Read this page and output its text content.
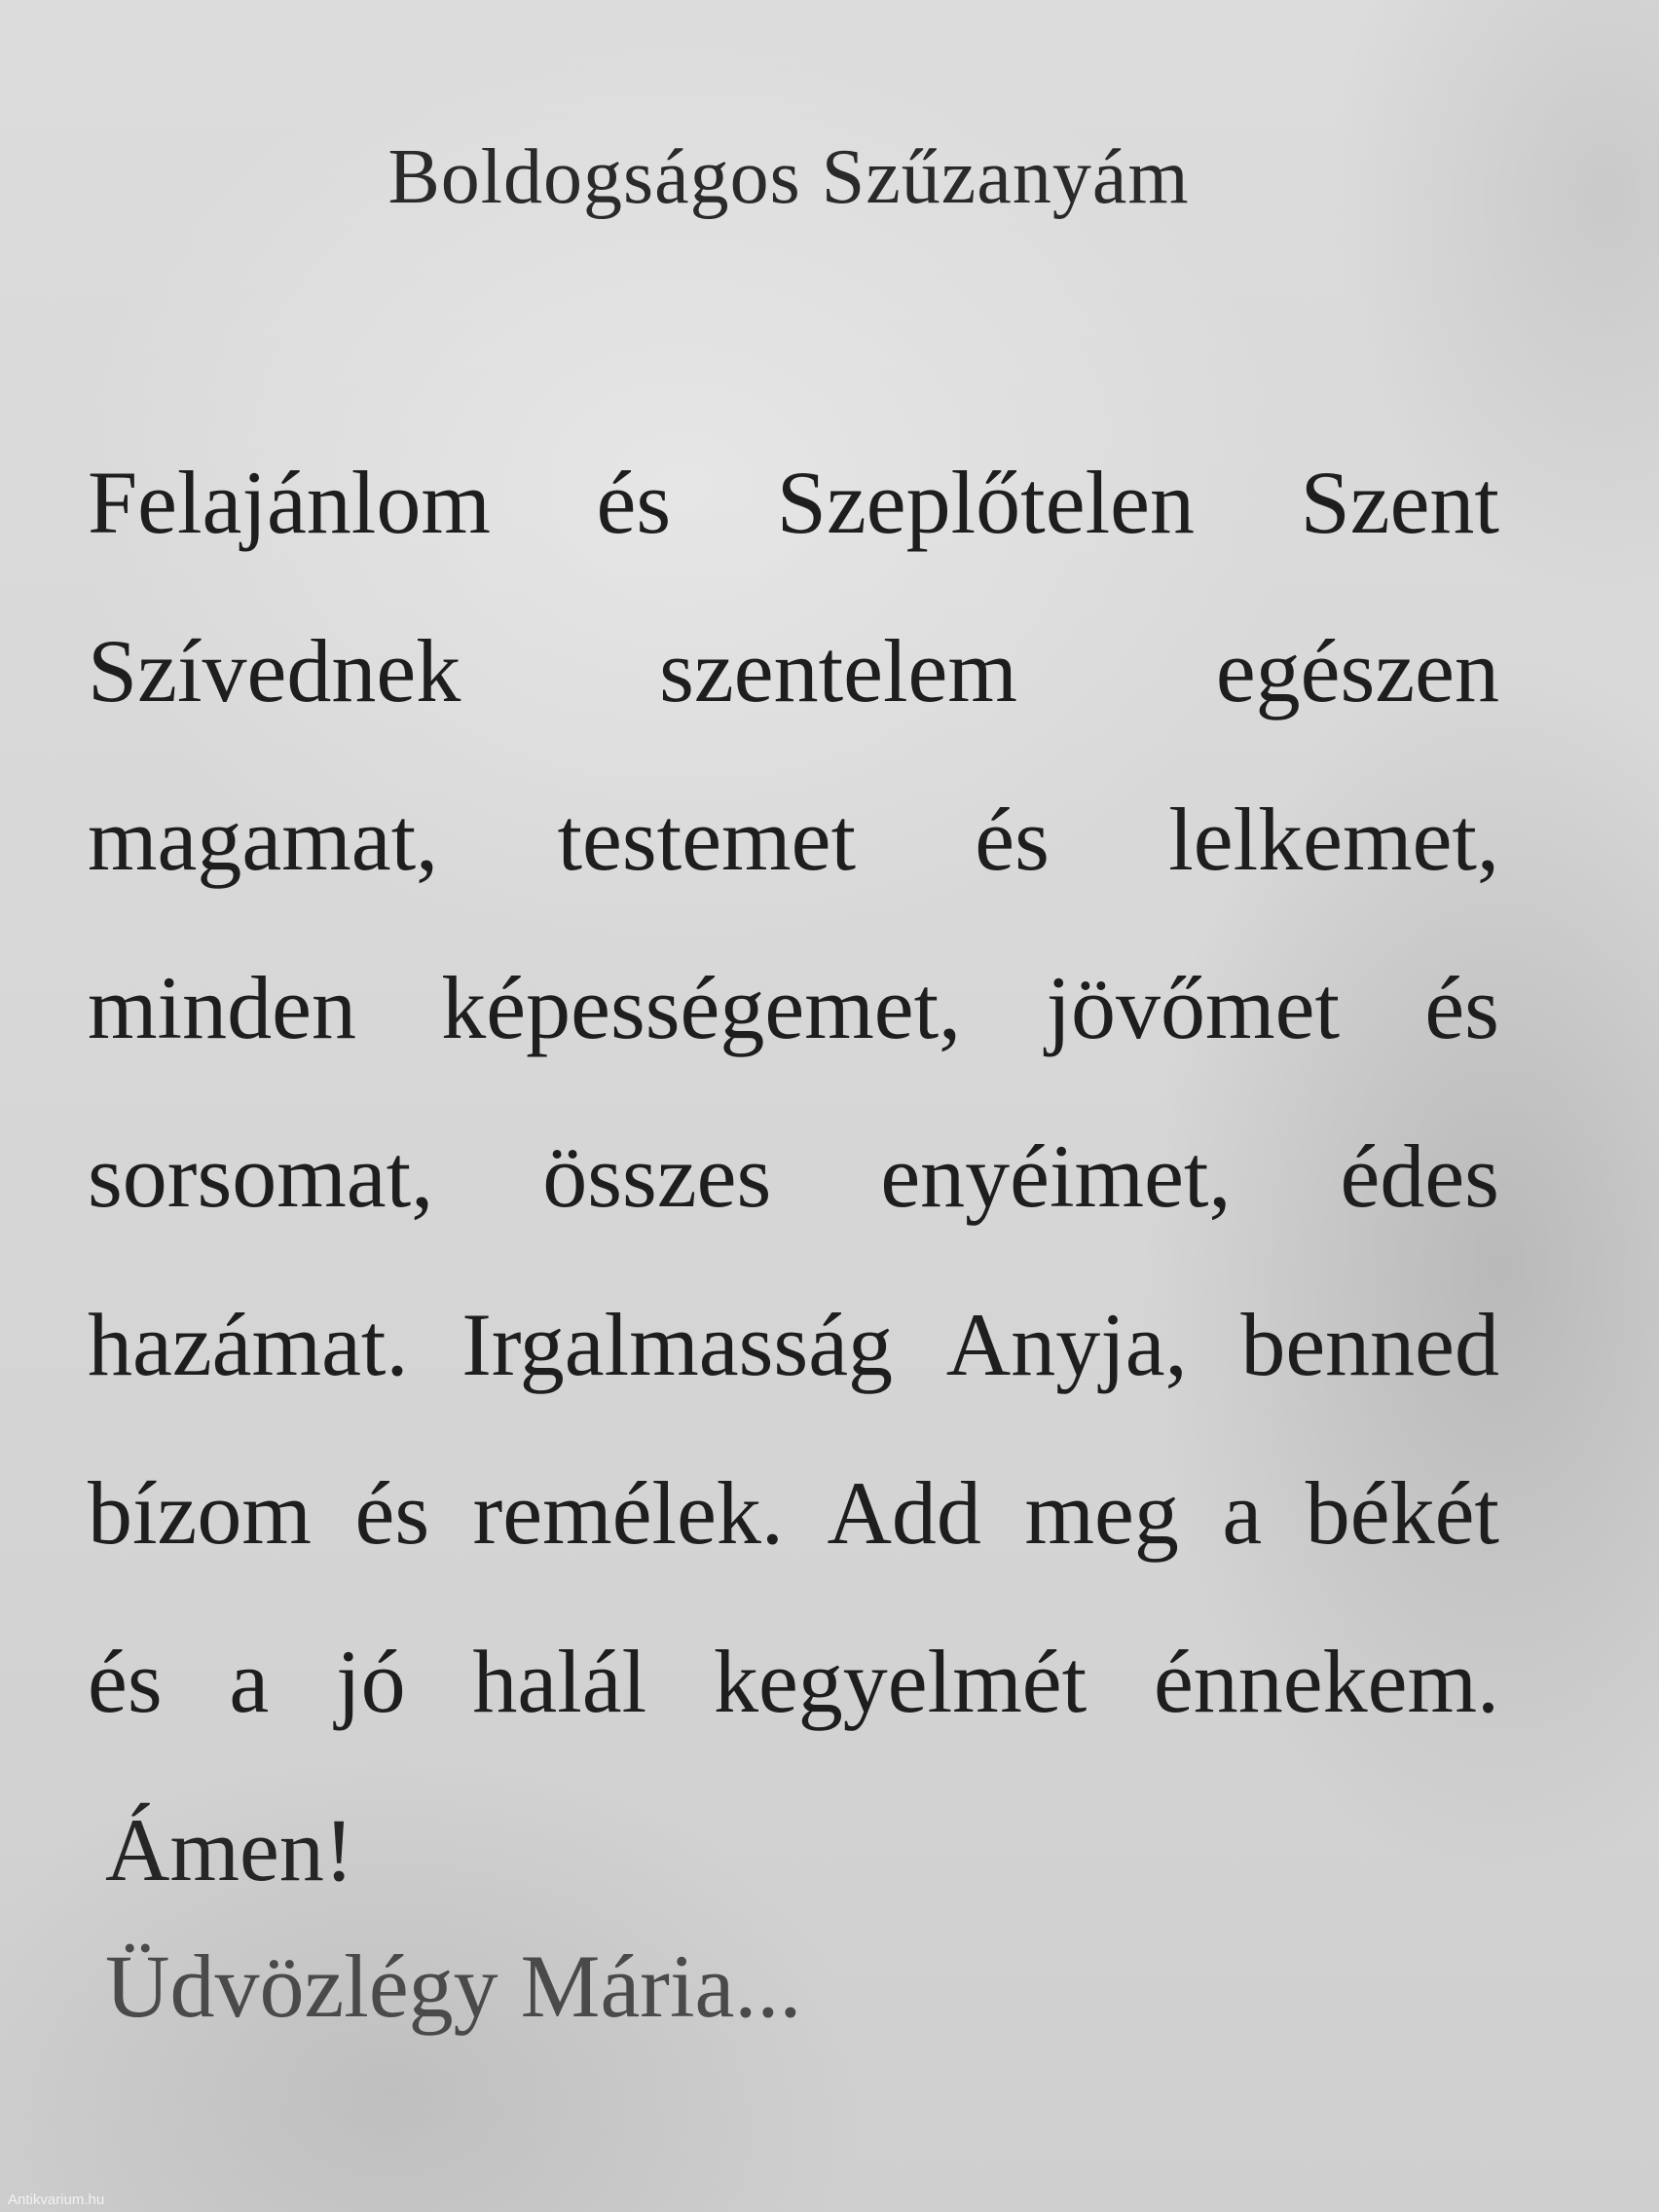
Boldogságos Szűzanyám
Felajánlom és Szeplőtelen Szent
Szívednek szentelem egészen
magamat, testemet és lelkemet,
minden képességemet, jövőmet és
sorsomat, összes enyéimet, édes
hazámat. Irgalmasság Anyja, benned
bízom és remélek. Add meg a békét
és a jó halál kegyelmét énnekem.
Ámen!

Üdvözlégy Mária...

Antikvarium.hu
